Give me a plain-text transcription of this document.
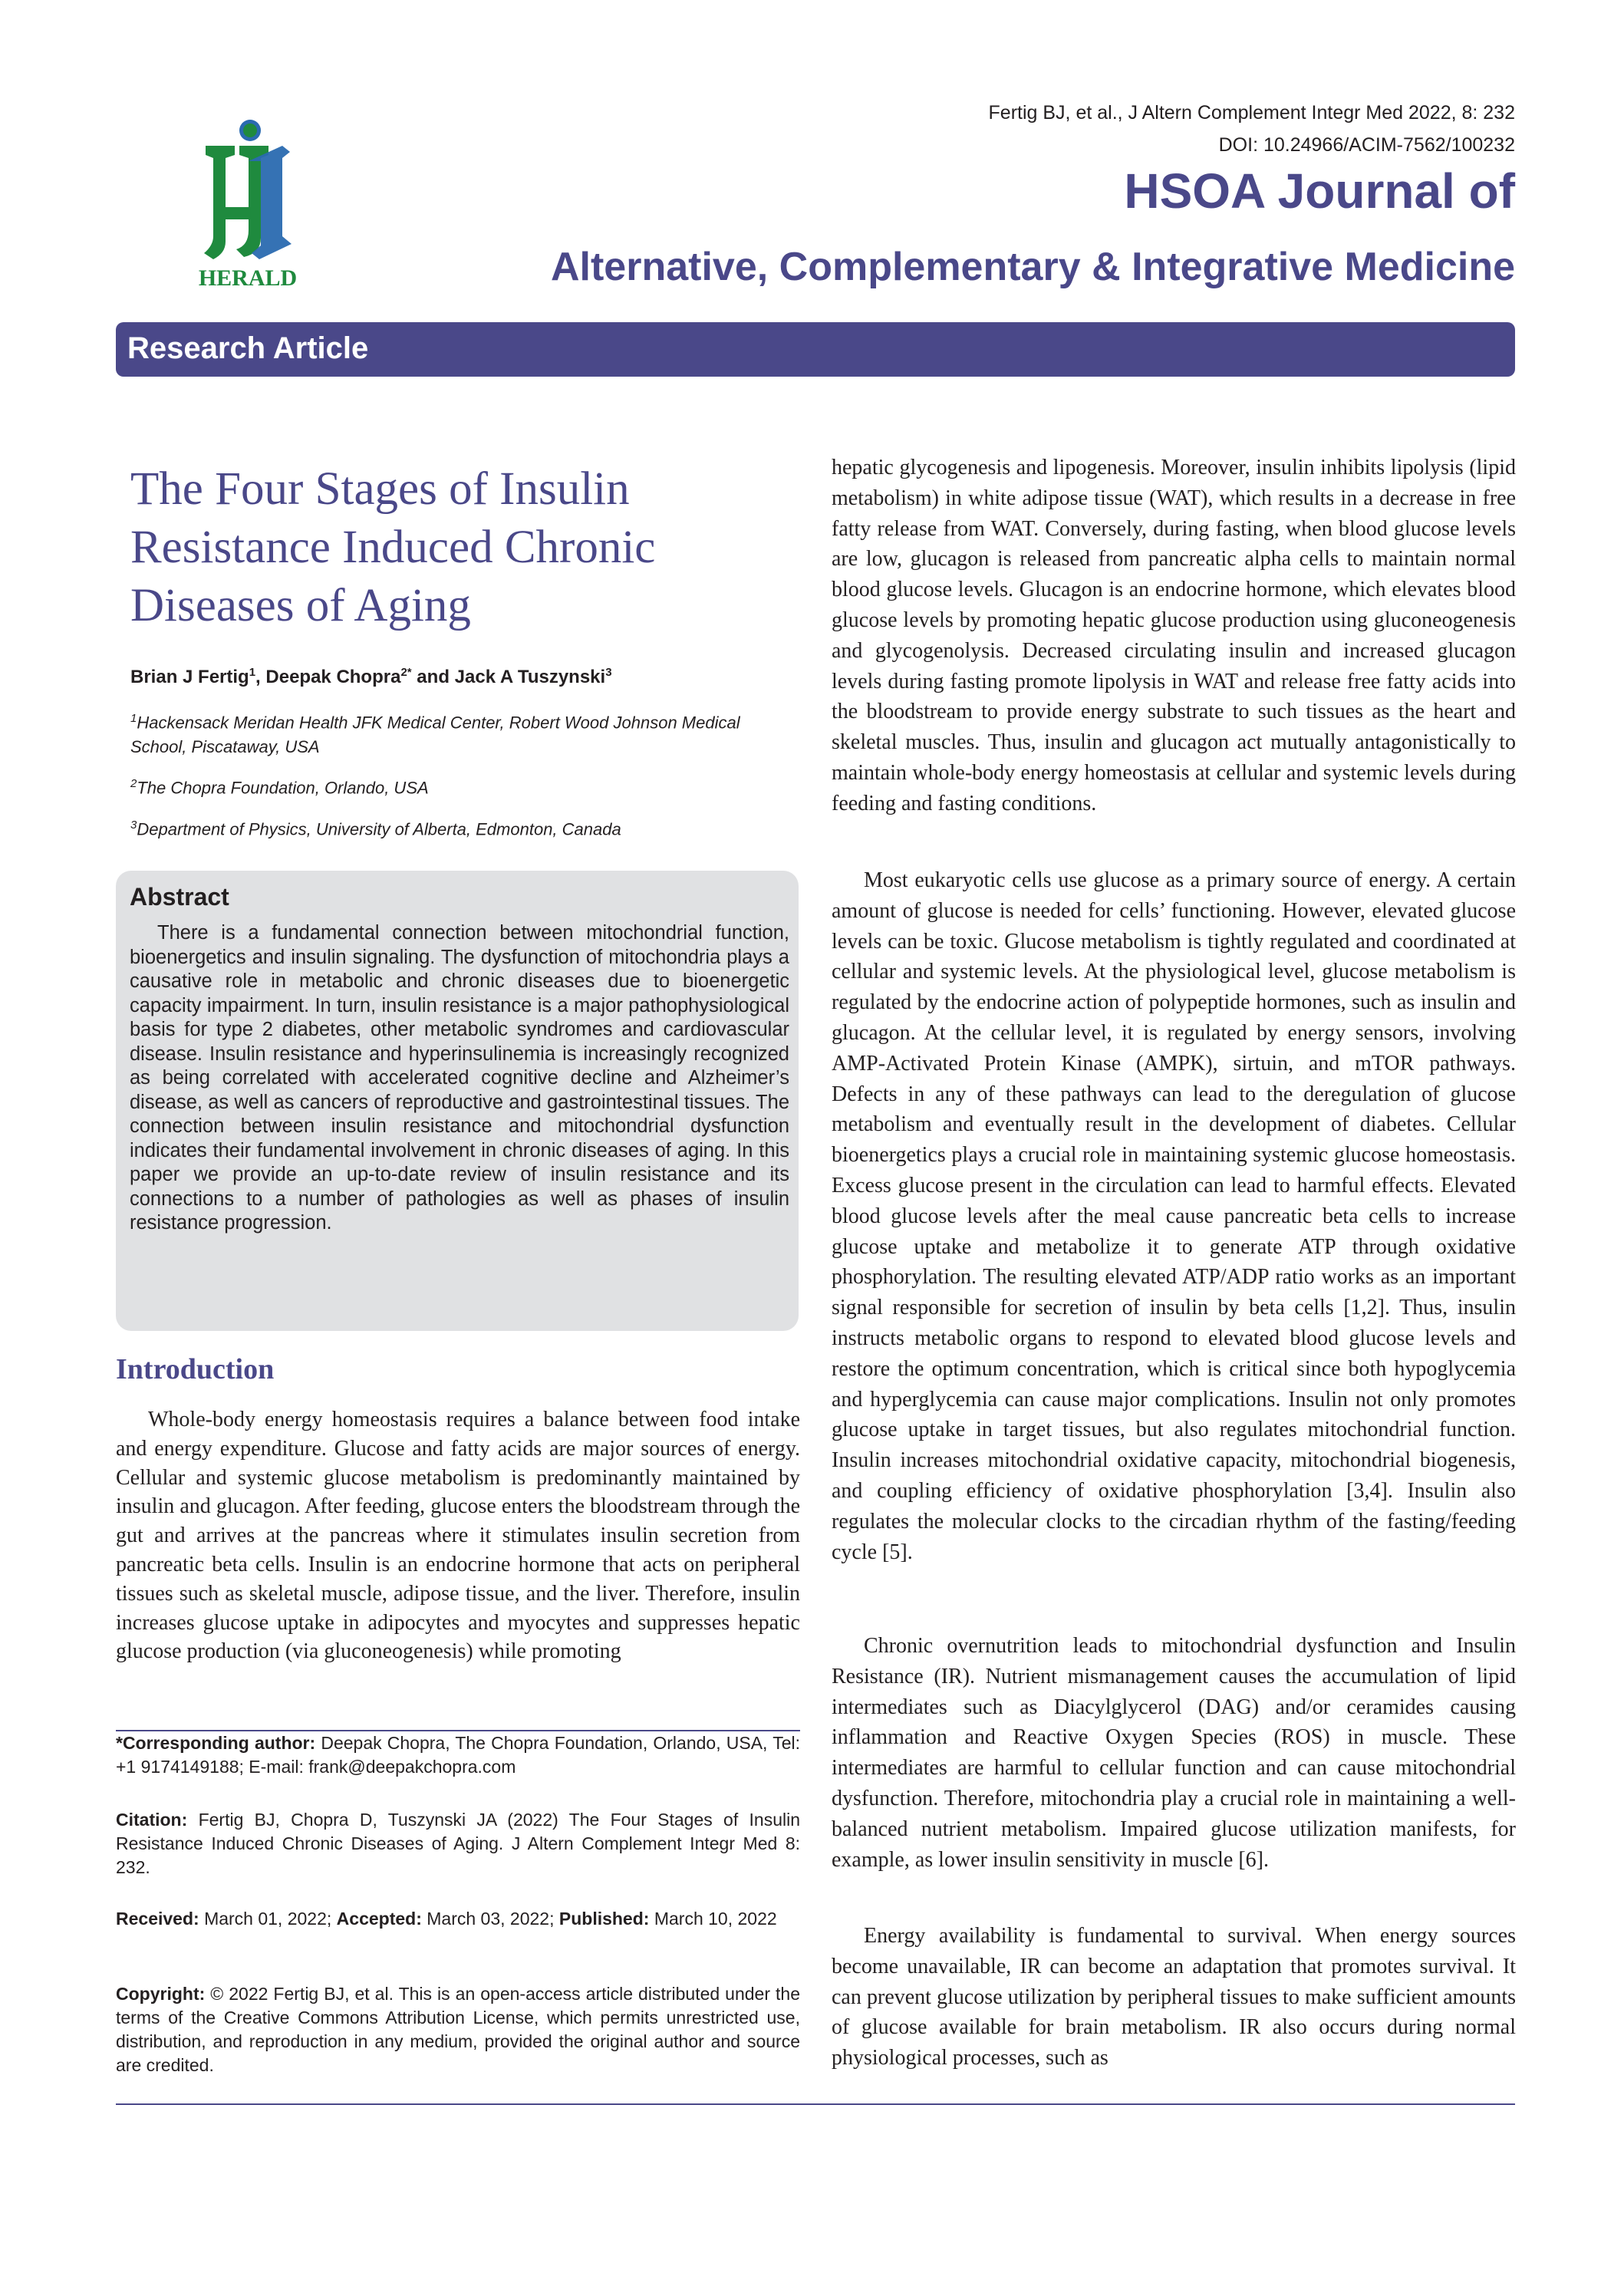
HERALD
Fertig BJ, et al., J Altern Complement Integr Med 2022, 8: 232
DOI: 10.24966/ACIM-7562/100232
HSOA Journal of
Alternative, Complementary & Integrative Medicine
Research Article
The Four Stages of Insulin Resistance Induced Chronic Diseases of Aging
Brian J Fertig$^1$, Deepak Chopra$^{2*}$ and Jack A Tuszynski$^3$
$^1$Hackensack Meridan Health JFK Medical Center, Robert Wood Johnson Medical School, Piscataway, USA
$^2$The Chopra Foundation, Orlando, USA
$^3$Department of Physics, University of Alberta, Edmonton, Canada
Abstract

There is a fundamental connection between mitochondrial function, bioenergetics and insulin signaling. The dysfunction of mitochondria plays a causative role in metabolic and chronic diseases due to bioenergetic capacity impairment. In turn, insulin resistance is a major pathophysiological basis for type 2 diabetes, other metabolic syndromes and cardiovascular disease. Insulin resistance and hyperinsulinemia is increasingly recognized as being correlated with accelerated cognitive decline and Alzheimer’s disease, as well as cancers of reproductive and gastrointestinal tissues. The connection between insulin resistance and mitochondrial dysfunction indicates their fundamental involvement in chronic diseases of aging. In this paper we provide an up-to-date review of insulin resistance and its connections to a number of pathologies as well as phases of insulin resistance progression.

Introduction

Whole-body energy homeostasis requires a balance between food intake and energy expenditure. Glucose and fatty acids are major sources of energy. Cellular and systemic glucose metabolism is predominantly maintained by insulin and glucagon. After feeding, glucose enters the bloodstream through the gut and arrives at the pancreas where it stimulates insulin secretion from pancreatic beta cells. Insulin is an endocrine hormone that acts on peripheral tissues such as skeletal muscle, adipose tissue, and the liver. Therefore, insulin increases glucose uptake in adipocytes and myocytes and suppresses hepatic glucose production (via gluconeogenesis) while promoting

*Corresponding author: Deepak Chopra, The Chopra Foundation, Orlando, USA, Tel: +1 9174149188; E-mail: frank@deepakchopra.com

Citation: Fertig BJ, Chopra D, Tuszynski JA (2022) The Four Stages of Insulin Resistance Induced Chronic Diseases of Aging. J Altern Complement Integr Med 8: 232.

Received: March 01, 2022; Accepted: March 03, 2022; Published: March 10, 2022

Copyright: © 2022 Fertig BJ, et al. This is an open-access article distributed under the terms of the Creative Commons Attribution License, which permits unrestricted use, distribution, and reproduction in any medium, provided the original author and source are credited.

hepatic glycogenesis and lipogenesis. Moreover, insulin inhibits lipolysis (lipid metabolism) in white adipose tissue (WAT), which results in a decrease in free fatty release from WAT. Conversely, during fasting, when blood glucose levels are low, glucagon is released from pancreatic alpha cells to maintain normal blood glucose levels. Glucagon is an endocrine hormone, which elevates blood glucose levels by promoting hepatic glucose production using gluconeogenesis and glycogenolysis. Decreased circulating insulin and increased glucagon levels during fasting promote lipolysis in WAT and release free fatty acids into the bloodstream to provide energy substrate to such tissues as the heart and skeletal muscles. Thus, insulin and glucagon act mutually antagonistically to maintain whole-body energy homeostasis at cellular and systemic levels during feeding and fasting conditions.

Most eukaryotic cells use glucose as a primary source of energy. A certain amount of glucose is needed for cells’ functioning. However, elevated glucose levels can be toxic. Glucose metabolism is tightly regulated and coordinated at cellular and systemic levels. At the physiological level, glucose metabolism is regulated by the endocrine action of polypeptide hormones, such as insulin and glucagon. At the cellular level, it is regulated by energy sensors, involving AMP-Activated Protein Kinase (AMPK), sirtuin, and mTOR pathways. Defects in any of these pathways can lead to the deregulation of glucose metabolism and eventually result in the development of diabetes. Cellular bioenergetics plays a crucial role in maintaining systemic glucose homeostasis. Excess glucose present in the circulation can lead to harmful effects. Elevated blood glucose levels after the meal cause pancreatic beta cells to increase glucose uptake and metabolize it to generate ATP through oxidative phosphorylation. The resulting elevated ATP/ADP ratio works as an important signal responsible for secretion of insulin by beta cells [1,2]. Thus, insulin instructs metabolic organs to respond to elevated blood glucose levels and restore the optimum concentration, which is critical since both hypoglycemia and hyperglycemia can cause major complications. Insulin not only promotes glucose uptake in target tissues, but also regulates mitochondrial function. Insulin increases mitochondrial oxidative capacity, mitochondrial biogenesis, and coupling efficiency of oxidative phosphorylation [3,4]. Insulin also regulates the molecular clocks to the circadian rhythm of the fasting/feeding cycle [5].

Chronic overnutrition leads to mitochondrial dysfunction and Insulin Resistance (IR). Nutrient mismanagement causes the accumulation of lipid intermediates such as Diacylglycerol (DAG) and/or ceramides causing inflammation and Reactive Oxygen Species (ROS) in muscle. These intermediates are harmful to cellular function and can cause mitochondrial dysfunction. Therefore, mitochondria play a crucial role in maintaining a well-balanced nutrient metabolism. Impaired glucose utilization manifests, for example, as lower insulin sensitivity in muscle [6].

Energy availability is fundamental to survival. When energy sources become unavailable, IR can become an adaptation that promotes survival. It can prevent glucose utilization by peripheral tissues to make sufficient amounts of glucose available for brain metabolism. IR also occurs during normal physiological processes, such as
